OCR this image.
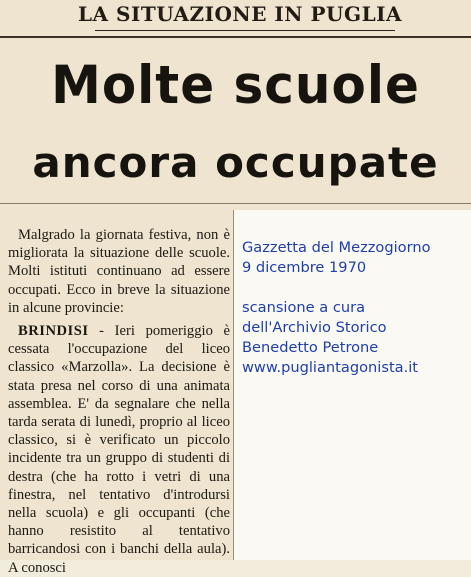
LA SITUAZIONE IN PUGLIA
Molte scuole
ancora occupate

Malgrado la giornata festiva, non è migliorata la situazione delle scuole. Molti istituti continuano ad essere occupati. Ecco in breve la situazione in alcune provincie:

BRINDISI - Ieri pomeriggio è cessata l'occupazione del liceo classico «Marzolla». La decisione è stata presa nel corso di una animata assemblea. E' da segnalare che nella tarda serata di lunedì, proprio al liceo classico, si è verificato un piccolo incidente tra un gruppo di studenti di destra (che ha rotto i vetri di una finestra, nel tentativo d'introdursi nella scuola) e gli occupanti (che hanno resistito al tentativo barricandosi con i banchi della aula). A conosci

Gazzetta del Mezzogiorno
9 dicembre 1970
scansione a cura
dell'Archivio Storico
Benedetto Petrone
www.pugliantagonista.it
